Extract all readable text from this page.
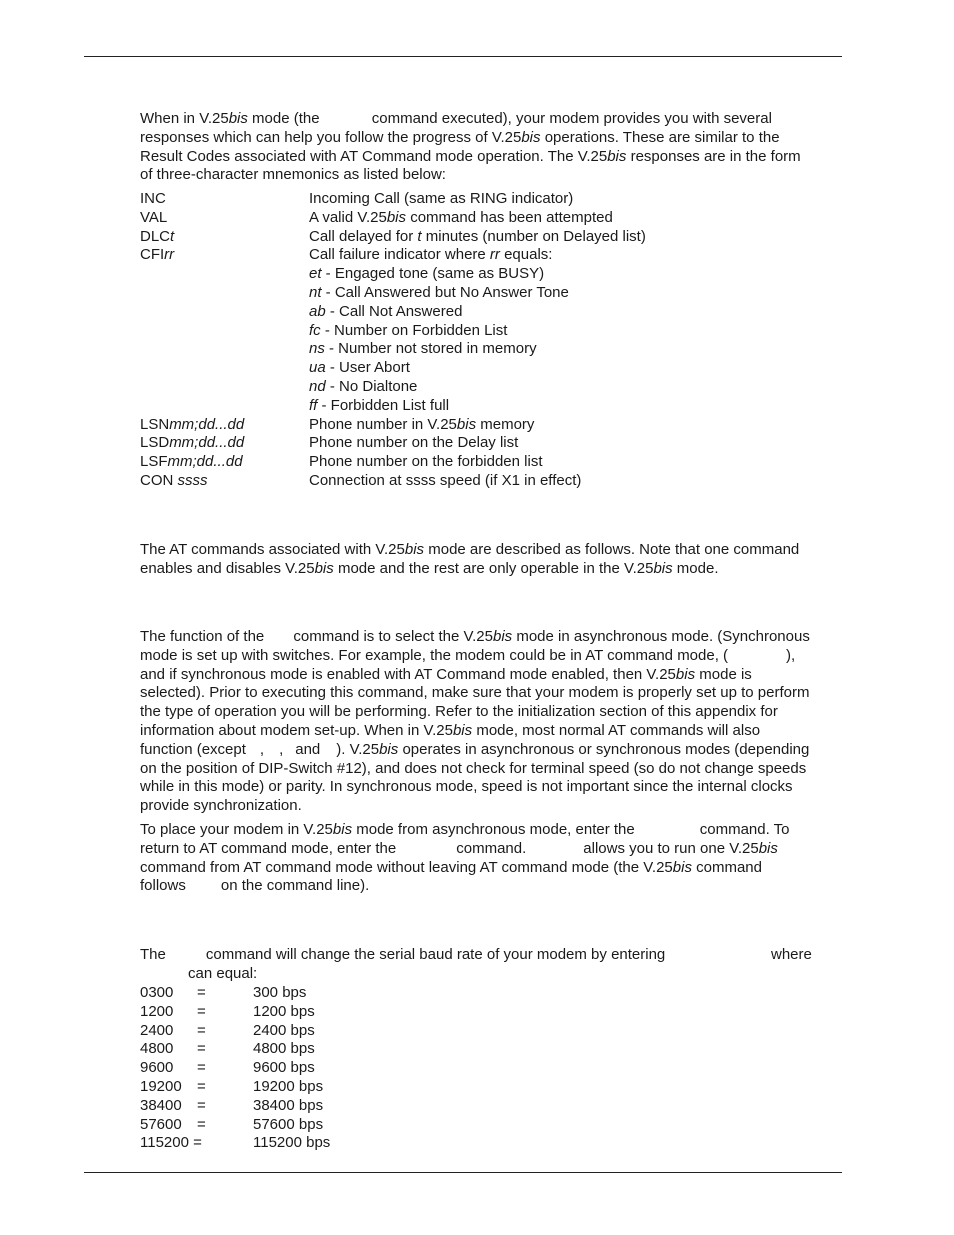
When in V.25bis mode (the	command executed), your modem provides you with several

responses which can help you follow the progress of V.25bis operations. These are similar to the

Result Codes associated with AT Command mode operation. The V.25bis responses are in the form

of three-character mnemonics as listed below:

INC	Incoming Call (same as RING indicator)
VAL	A valid V.25bis command has been attempted
DLCt	Call delayed for t minutes (number on Delayed list)
CFIrr	Call failure indicator where rr equals:
et - Engaged tone (same as BUSY)
nt - Call Answered but No Answer Tone
ab - Call Not Answered
fc - Number on Forbidden List
ns - Number not stored in memory
ua - User Abort
nd - No Dialtone
ff - Forbidden List full
LSNmm;dd...dd	Phone number in V.25bis memory
LSDmm;dd...dd	Phone number on the Delay list
LSFmm;dd...dd	Phone number on the forbidden list
CON ssss	Connection at ssss speed (if X1 in effect)

The AT commands associated with V.25bis mode are described as follows. Note that one command

enables and disables V.25bis mode and the rest are only operable in the V.25bis mode.

The function of the command is to select the V.25bis mode in asynchronous mode. (Synchronous

mode is set up with switches. For example, the modem could be in AT command mode, (	),

and if synchronous mode is enabled with AT Command mode enabled, then V.25bis mode is

selected). Prior to executing this command, make sure that your modem is properly set up to perform

the type of operation you will be performing. Refer to the initialization section of this appendix for

information about modem set-up. When in V.25bis mode, most normal AT commands will also

function (except , , and ). V.25bis operates in asynchronous or synchronous modes (depending

on the position of DIP-Switch #12), and does not check for terminal speed (so do not change speeds

while in this mode) or parity. In synchronous mode, speed is not important since the internal clocks

provide synchronization.

To place your modem in V.25bis mode from asynchronous mode, enter the	command. To

return to AT command mode, enter the	command.	allows you to run one V.25bis

command from AT command mode without leaving AT command mode (the V.25bis command

follows on the command line).

The	command will change the serial baud rate of your modem by entering	where

can equal:

0300 =	300 bps
1200 =	1200 bps
2400 =	2400 bps
4800 =	4800 bps
9600 =	9600 bps
19200 =	19200 bps
38400 =	38400 bps
57600 =	57600 bps
115200 =	115200 bps
